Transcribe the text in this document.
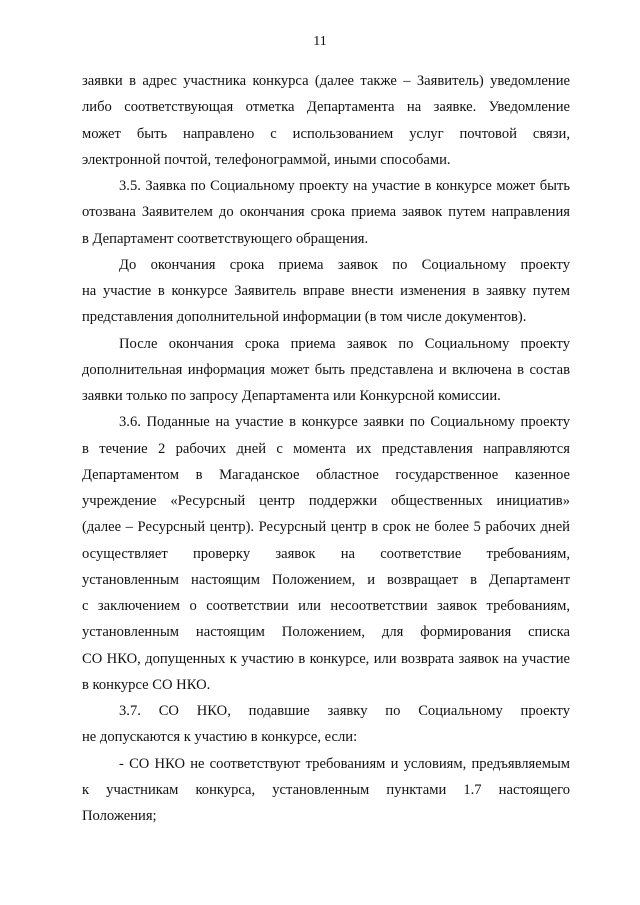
11
заявки в адрес участника конкурса (далее также – Заявитель) уведомление
либо соответствующая отметка Департамента на заявке. Уведомление
может быть направлено с использованием услуг почтовой связи,
электронной почтой, телефонограммой, иными способами.
3.5. Заявка по Социальному проекту на участие в конкурсе может быть
отозвана Заявителем до окончания срока приема заявок путем направления
в Департамент соответствующего обращения.
До окончания срока приема заявок по Социальному проекту
на участие в конкурсе Заявитель вправе внести изменения в заявку путем
представления дополнительной информации (в том числе документов).
После окончания срока приема заявок по Социальному проекту
дополнительная информация может быть представлена и включена в состав
заявки только по запросу Департамента или Конкурсной комиссии.
3.6. Поданные на участие в конкурсе заявки по Социальному проекту
в течение 2 рабочих дней с момента их представления направляются
Департаментом в Магаданское областное государственное казенное
учреждение «Ресурсный центр поддержки общественных инициатив»
(далее – Ресурсный центр). Ресурсный центр в срок не более 5 рабочих дней
осуществляет проверку заявок на соответствие требованиям,
установленным настоящим Положением, и возвращает в Департамент
с заключением о соответствии или несоответствии заявок требованиям,
установленным настоящим Положением, для формирования списка
СО НКО, допущенных к участию в конкурсе, или возврата заявок на участие
в конкурсе СО НКО.
3.7. СО НКО, подавшие заявку по Социальному проекту
не допускаются к участию в конкурсе, если:
- СО НКО не соответствуют требованиям и условиям, предъявляемым
к участникам конкурса, установленным пунктами 1.7 настоящего
Положения;
